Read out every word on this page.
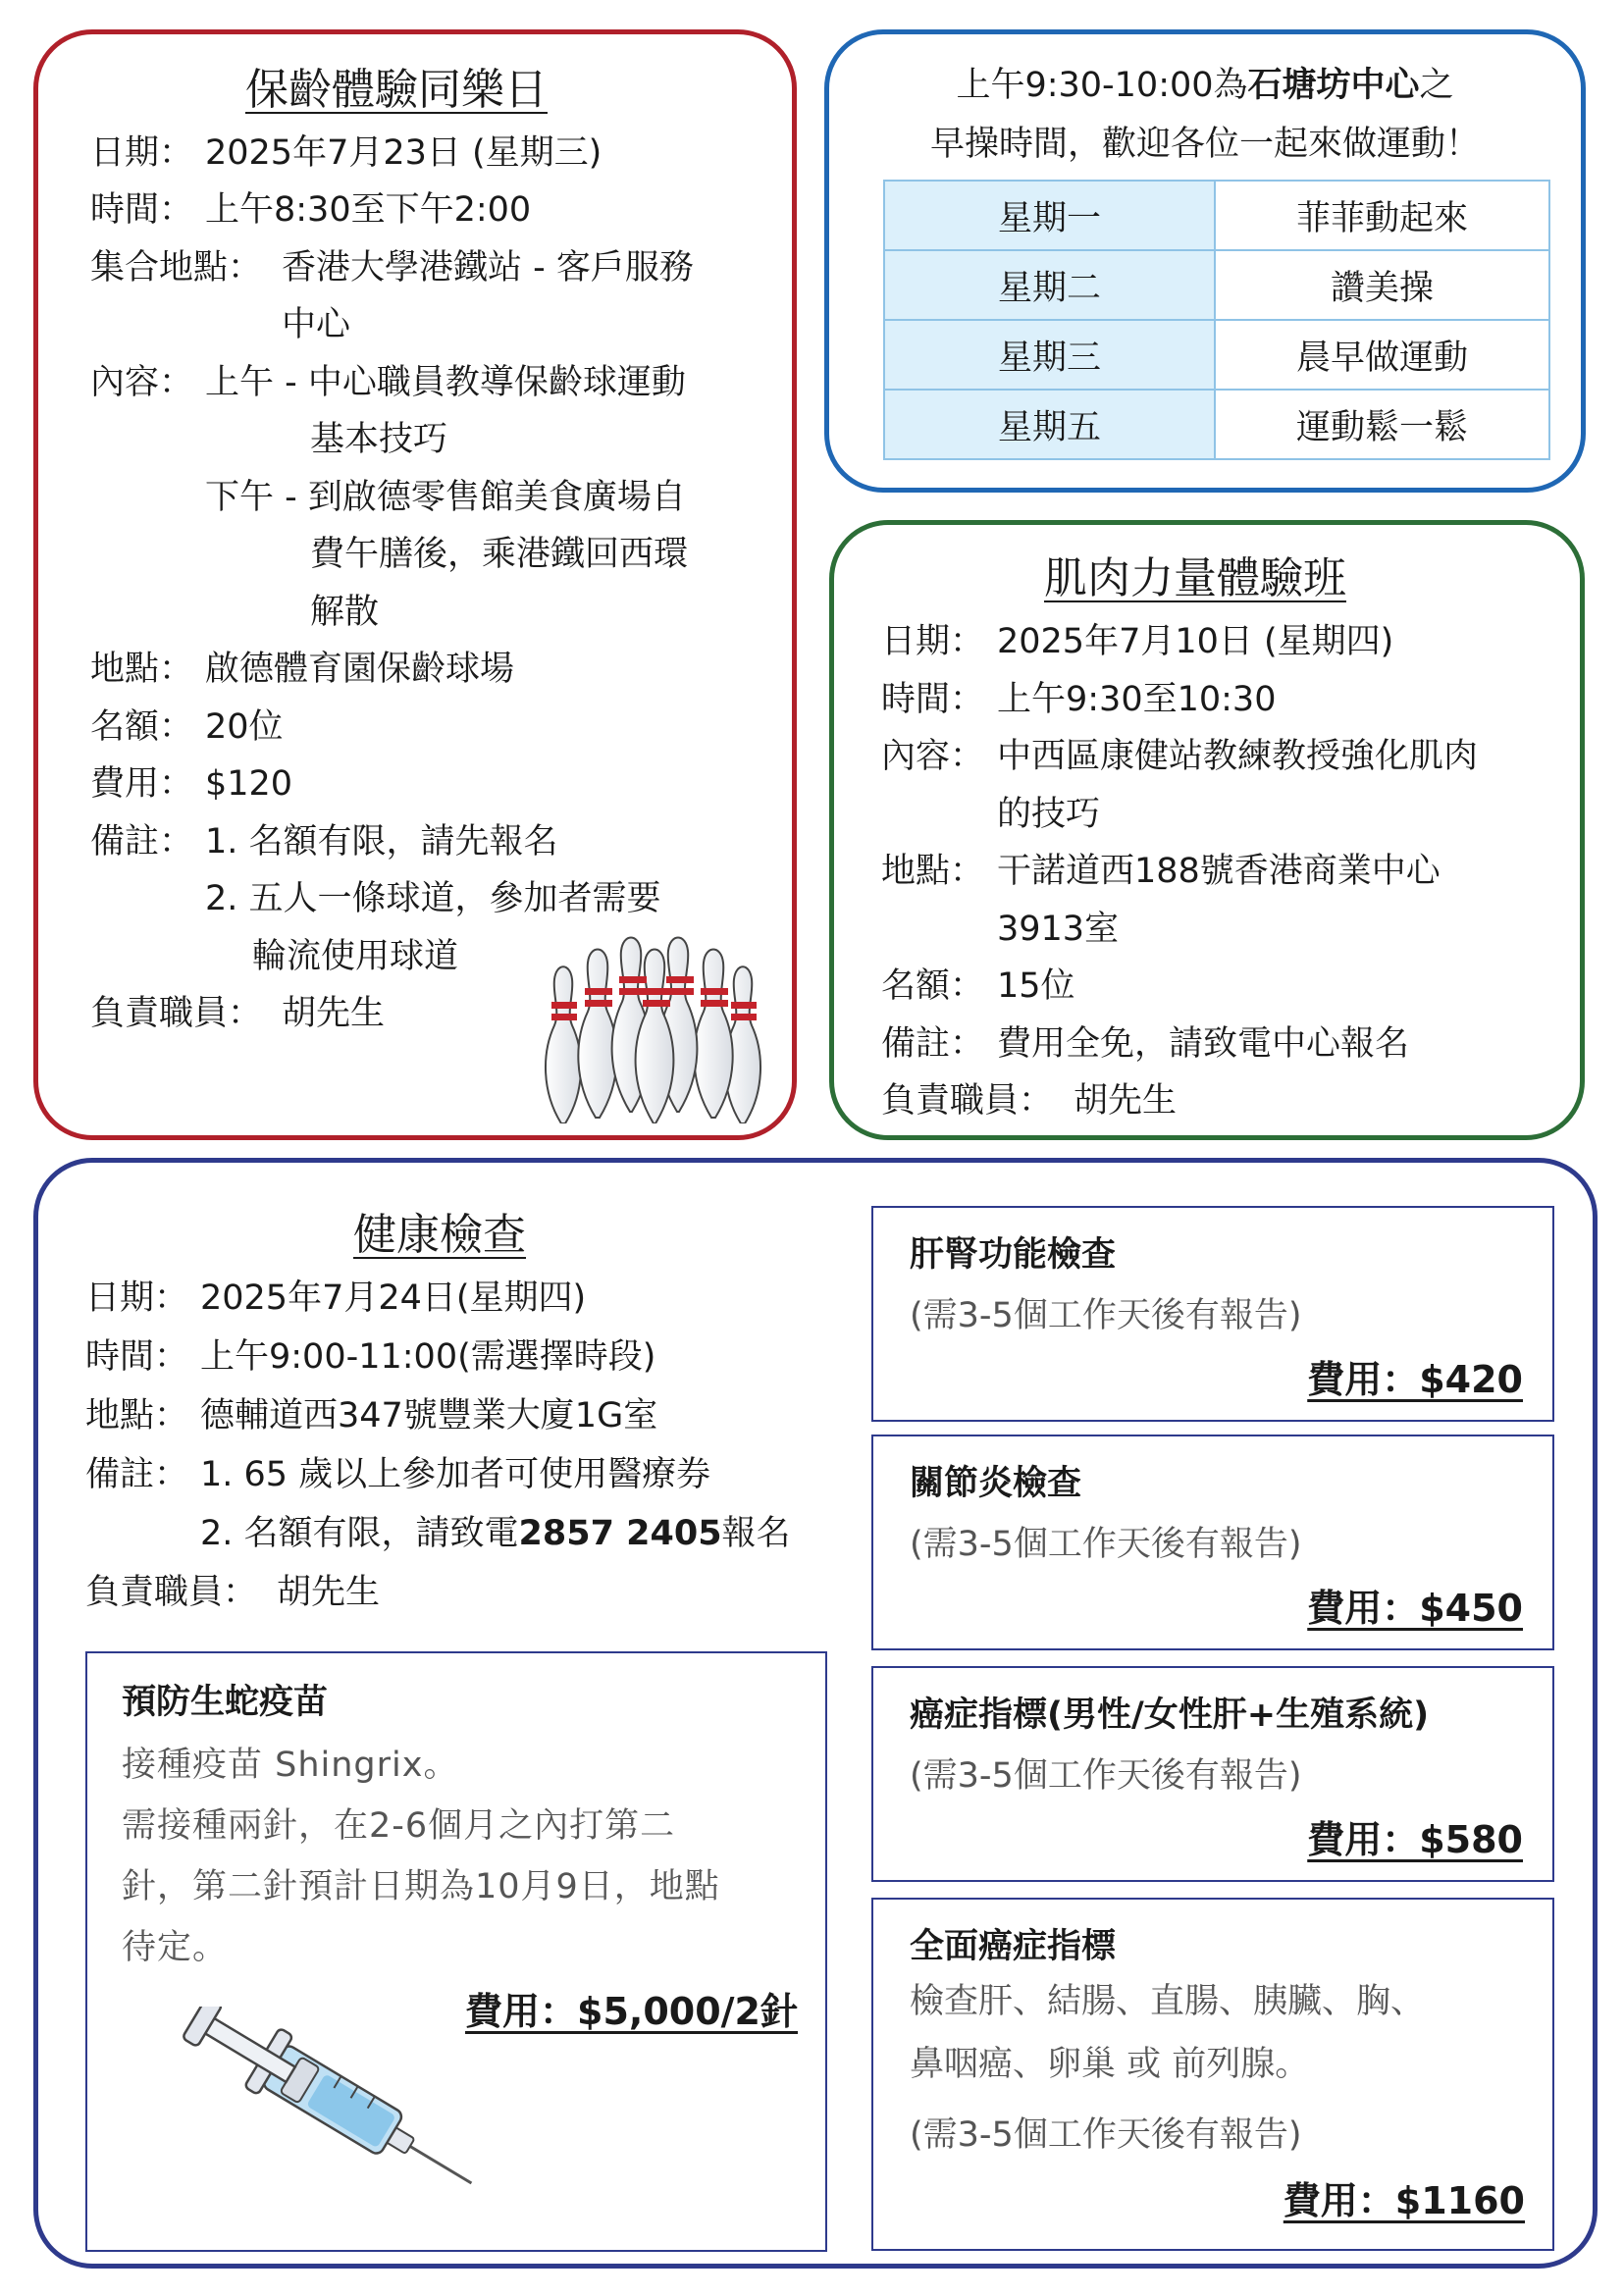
保齡體驗同樂日
日期： 2025年7月23日 (星期三)
時間： 上午8:30至下午2:00
集合地點： 香港大學港鐵站 - 客戶服務
中心
內容： 上午 - 中心職員教導保齡球運動
基本技巧
下午 - 到啟德零售館美食廣場自
費午膳後，乘港鐵回西環
解散
地點： 啟德體育園保齡球場
名額： 20位
費用： $120
備註： 1. 名額有限，請先報名
2. 五人一條球道，參加者需要
輪流使用球道
負責職員： 胡先生
上午9:30-10:00為石塘坊中心之
早操時間，歡迎各位一起來做運動！
星期一	菲菲動起來
星期二	讚美操
星期三	晨早做運動
星期五	運動鬆一鬆
肌肉力量體驗班
日期： 2025年7月10日 (星期四)
時間： 上午9:30至10:30
內容： 中西區康健站教練教授強化肌肉
的技巧
地點： 干諾道西188號香港商業中心
3913室
名額： 15位
備註： 費用全免，請致電中心報名
負責職員： 胡先生
健康檢查
日期： 2025年7月24日(星期四)
時間： 上午9:00-11:00(需選擇時段)
地點： 德輔道西347號豐業大廈1G室
備註： 1. 65 歲以上參加者可使用醫療券
2. 名額有限，請致電2857 2405報名
負責職員： 胡先生
預防生蛇疫苗
接種疫苗 Shingrix。
需接種兩針，在2-6個月之內打第二
針，第二針預計日期為10月9日，地點
待定。
費用：$5,000/2針
肝腎功能檢查
(需3-5個工作天後有報告)
費用：$420
關節炎檢查
(需3-5個工作天後有報告)
費用：$450
癌症指標(男性/女性肝+生殖系統)
(需3-5個工作天後有報告)
費用：$580
全面癌症指標
檢查肝、結腸、直腸、胰臟、胸、
鼻咽癌、卵巢 或 前列腺。
(需3-5個工作天後有報告)
費用：$1160
